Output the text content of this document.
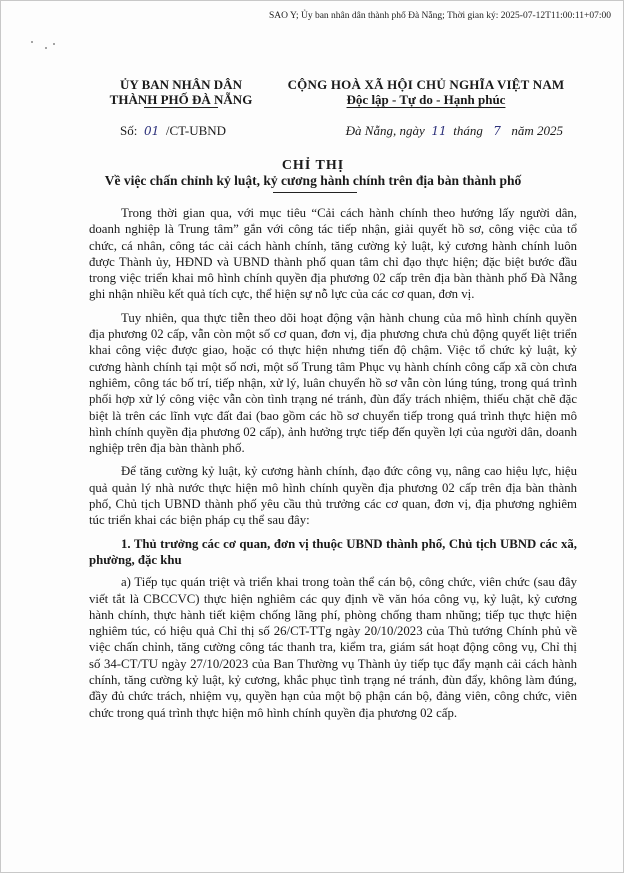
SAO Y; Ủy ban nhân dân thành phố Đà Nẵng; Thời gian ký: 2025-07-12T11:00:11+07:00
ỦY BAN NHÂN DÂN
THÀNH PHỐ ĐÀ NẴNG
Số: 01 /CT-UBND
CỘNG HOÀ XÃ HỘI CHỦ NGHĨA VIỆT NAM
Độc lập - Tự do - Hạnh phúc
Đà Nẵng, ngày 11 tháng 7 năm 2025
CHỈ THỊ
Về việc chấn chỉnh kỷ luật, kỷ cương hành chính trên địa bàn thành phố

Trong thời gian qua, với mục tiêu “Cải cách hành chính theo hướng lấy người dân, doanh nghiệp là Trung tâm” gắn với công tác tiếp nhận, giải quyết hồ sơ, công việc của tổ chức, cá nhân, công tác cải cách hành chính, tăng cường kỷ luật, kỷ cương hành chính luôn được Thành ủy, HĐND và UBND thành phố quan tâm chỉ đạo thực hiện; đặc biệt bước đầu trong việc triển khai mô hình chính quyền địa phương 02 cấp trên địa bàn thành phố Đà Nẵng ghi nhận nhiều kết quả tích cực, thể hiện sự nỗ lực của các cơ quan, đơn vị.

Tuy nhiên, qua thực tiễn theo dõi hoạt động vận hành chung của mô hình chính quyền địa phương 02 cấp, vẫn còn một số cơ quan, đơn vị, địa phương chưa chủ động quyết liệt triển khai công việc được giao, hoặc có thực hiện nhưng tiến độ chậm. Việc tổ chức kỷ luật, kỷ cương hành chính tại một số nơi, một số Trung tâm Phục vụ hành chính công cấp xã còn chưa nghiêm, công tác bố trí, tiếp nhận, xử lý, luân chuyển hồ sơ vẫn còn lúng túng, trong quá trình phối hợp xử lý công việc vẫn còn tình trạng né tránh, đùn đẩy trách nhiệm, thiếu chặt chẽ đặc biệt là trên các lĩnh vực đất đai (bao gồm các hồ sơ chuyển tiếp trong quá trình thực hiện mô hình chính quyền địa phương 02 cấp), ảnh hưởng trực tiếp đến quyền lợi của người dân, doanh nghiệp trên địa bàn thành phố.

Để tăng cường kỷ luật, kỷ cương hành chính, đạo đức công vụ, nâng cao hiệu lực, hiệu quả quản lý nhà nước thực hiện mô hình chính quyền địa phương 02 cấp trên địa bàn thành phố, Chủ tịch UBND thành phố yêu cầu thủ trưởng các cơ quan, đơn vị, địa phương nghiêm túc triển khai các biện pháp cụ thể sau đây:

1. Thủ trưởng các cơ quan, đơn vị thuộc UBND thành phố, Chủ tịch UBND các xã, phường, đặc khu

a) Tiếp tục quán triệt và triển khai trong toàn thể cán bộ, công chức, viên chức (sau đây viết tắt là CBCCVC) thực hiện nghiêm các quy định về văn hóa công vụ, kỷ luật, kỷ cương hành chính, thực hành tiết kiệm chống lãng phí, phòng chống tham nhũng; tiếp tục thực hiện nghiêm túc, có hiệu quả Chỉ thị số 26/CT-TTg ngày 20/10/2023 của Thủ tướng Chính phủ về việc chấn chỉnh, tăng cường công tác thanh tra, kiểm tra, giám sát hoạt động công vụ, Chỉ thị số 34-CT/TU ngày 27/10/2023 của Ban Thường vụ Thành ủy tiếp tục đẩy mạnh cải cách hành chính, tăng cường kỷ luật, kỷ cương, khắc phục tình trạng né tránh, đùn đẩy, không làm đúng, đầy đủ chức trách, nhiệm vụ, quyền hạn của một bộ phận cán bộ, đảng viên, công chức, viên chức trong quá trình thực hiện mô hình chính quyền địa phương 02 cấp.
